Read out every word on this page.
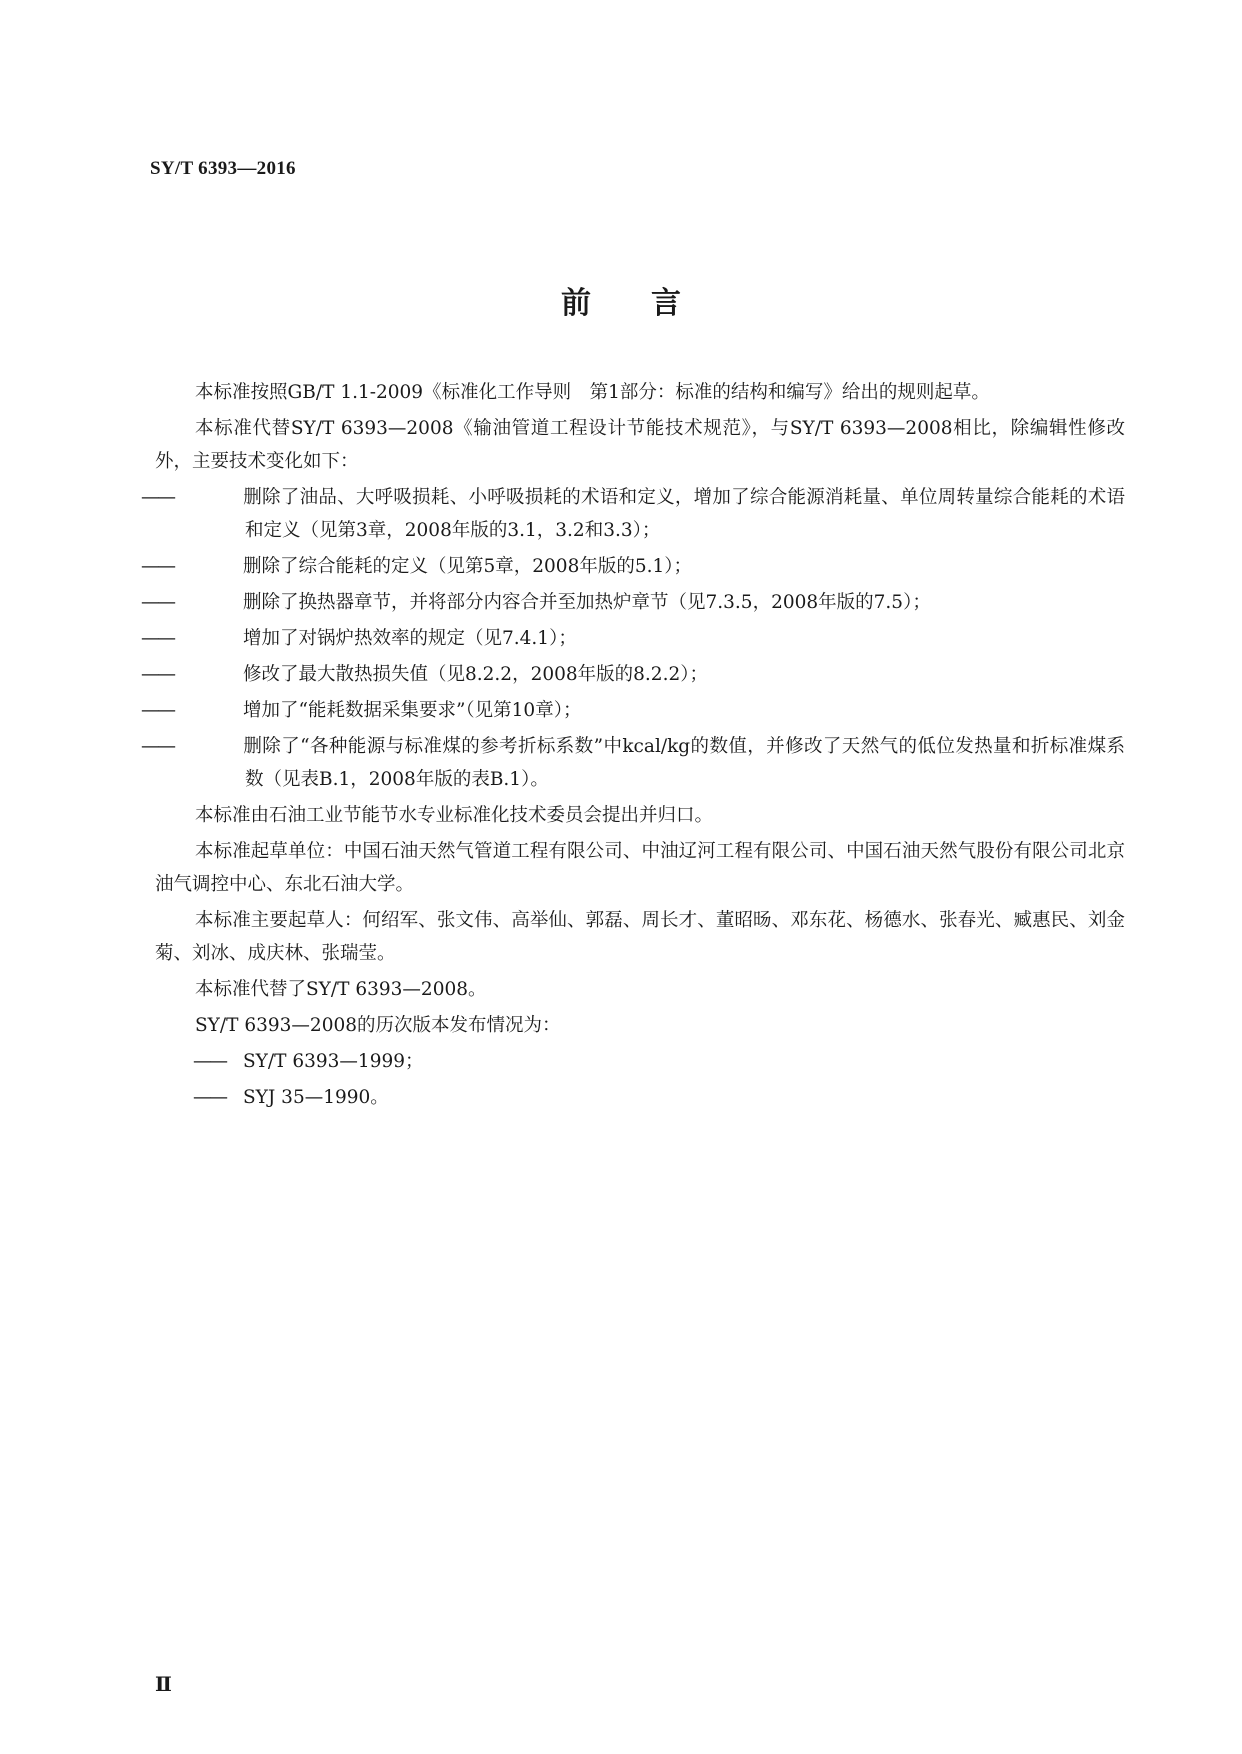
SY/T 6393—2016
前言

本标准按照GB/T 1.1-2009《标准化工作导则　第1部分：标准的结构和编写》给出的规则起草。

本标准代替SY/T 6393—2008《输油管道工程设计节能技术规范》，与SY/T 6393—2008相比，除编辑性修改外，主要技术变化如下：

——	删除了油品、大呼吸损耗、小呼吸损耗的术语和定义，增加了综合能源消耗量、单位周转量综合能耗的术语和定义（见第3章，2008年版的3.1，3.2和3.3）；

——	删除了综合能耗的定义（见第5章，2008年版的5.1）；

——	删除了换热器章节，并将部分内容合并至加热炉章节（见7.3.5，2008年版的7.5）；

——	增加了对锅炉热效率的规定（见7.4.1）；

——	修改了最大散热损失值（见8.2.2，2008年版的8.2.2）；

——	增加了“能耗数据采集要求”（见第10章）；

——	删除了“各种能源与标准煤的参考折标系数”中kcal/kg的数值，并修改了天然气的低位发热量和折标准煤系数（见表B.1，2008年版的表B.1）。

本标准由石油工业节能节水专业标准化技术委员会提出并归口。

本标准起草单位：中国石油天然气管道工程有限公司、中油辽河工程有限公司、中国石油天然气股份有限公司北京油气调控中心、东北石油大学。

本标准主要起草人：何绍军、张文伟、高举仙、郭磊、周长才、董昭旸、邓东花、杨德水、张春光、臧惠民、刘金菊、刘冰、成庆林、张瑞莹。

本标准代替了SY/T 6393—2008。

SY/T 6393—2008的历次版本发布情况为：

—— SY/T 6393—1999；

—— SYJ 35—1990。

Ⅱ
